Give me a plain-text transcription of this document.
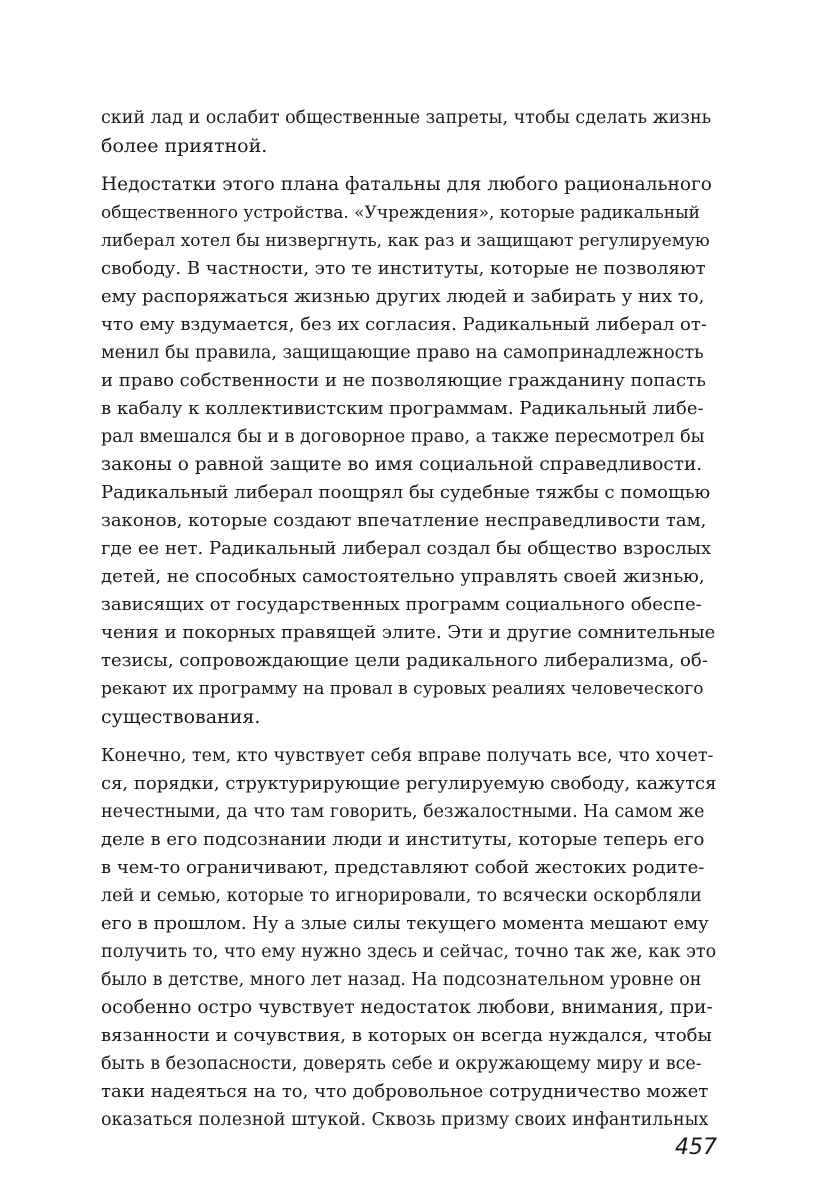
ский лад и ослабит общественные запреты, чтобы сделать жизнь
более приятной.
Недостатки этого плана фатальны для любого рационального
общественного устройства. «Учреждения», которые радикальный
либерал хотел бы низвергнуть, как раз и защищают регулируемую
свободу. В частности, это те институты, которые не позволяют
ему распоряжаться жизнью других людей и забирать у них то,
что ему вздумается, без их согласия. Радикальный либерал от-
менил бы правила, защищающие право на самопринадлежность
и право собственности и не позволяющие гражданину попасть
в кабалу к коллективистским программам. Радикальный либе-
рал вмешался бы и в договорное право, а также пересмотрел бы
законы о равной защите во имя социальной справедливости.
Радикальный либерал поощрял бы судебные тяжбы с помощью
законов, которые создают впечатление несправедливости там,
где ее нет. Радикальный либерал создал бы общество взрослых
детей, не способных самостоятельно управлять своей жизнью,
зависящих от государственных программ социального обеспе-
чения и покорных правящей элите. Эти и другие сомнительные
тезисы, сопровождающие цели радикального либерализма, об-
рекают их программу на провал в суровых реалиях человеческого
существования.
Конечно, тем, кто чувствует себя вправе получать все, что хочет-
ся, порядки, структурирующие регулируемую свободу, кажутся
нечестными, да что там говорить, безжалостными. На самом же
деле в его подсознании люди и институты, которые теперь его
в чем-то ограничивают, представляют собой жестоких родите-
лей и семью, которые то игнорировали, то всячески оскорбляли
его в прошлом. Ну а злые силы текущего момента мешают ему
получить то, что ему нужно здесь и сейчас, точно так же, как это
было в детстве, много лет назад. На подсознательном уровне он
особенно остро чувствует недостаток любови, внимания, при-
вязанности и сочувствия, в которых он всегда нуждался, чтобы
быть в безопасности, доверять себе и окружающему миру и все-
таки надеяться на то, что добровольное сотрудничество может
оказаться полезной штукой. Сквозь призму своих инфантильных
457
